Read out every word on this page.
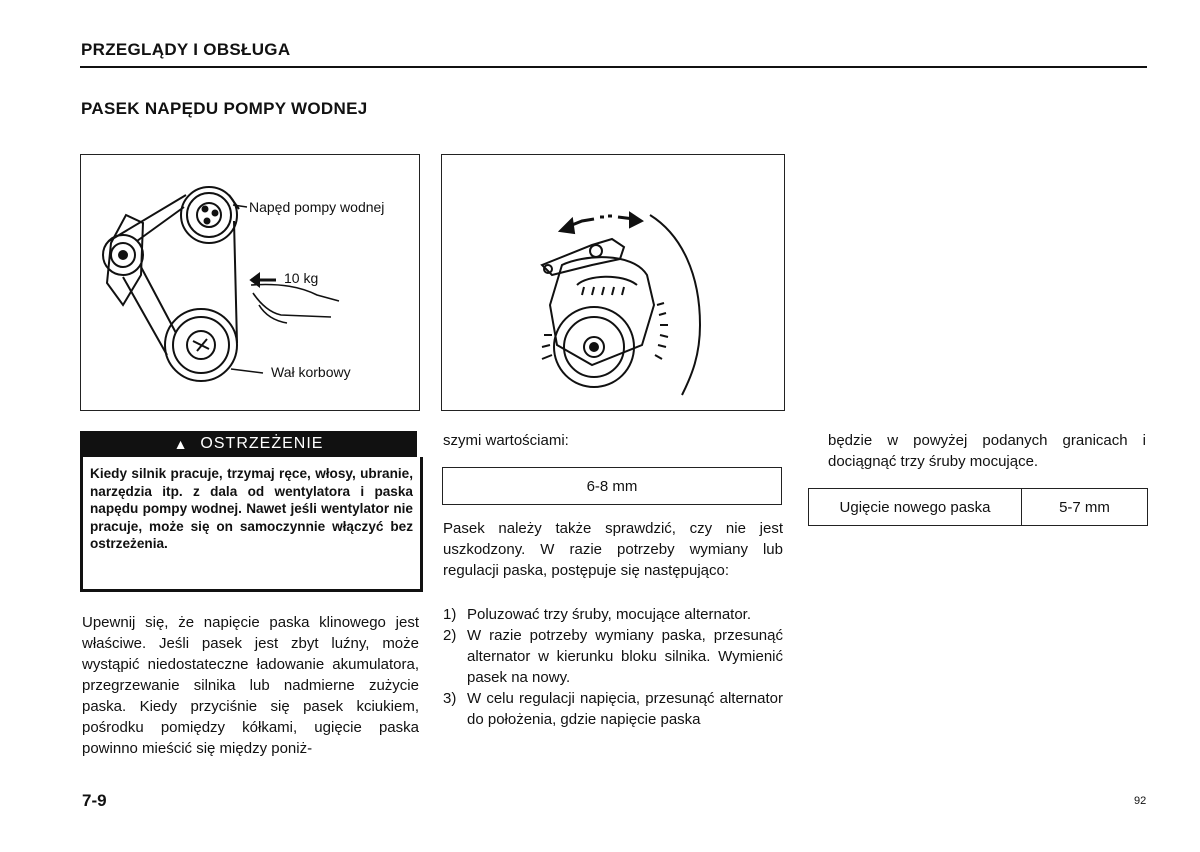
PRZEGLĄDY I OBSŁUGA
PASEK NAPĘDU POMPY WODNEJ
Napęd pompy wodnej
10 kg
Wał korbowy
▲ OSTRZEŻENIE
Kiedy silnik pracuje, trzymaj ręce, włosy, ubranie, narzędzia itp. z dala od wentylatora i paska napędu pompy wodnej. Nawet jeśli wentylator nie pracuje, może się on samoczynnie włączyć bez ostrzeżenia.
Upewnij się, że napięcie paska klinowego jest właściwe. Jeśli pasek jest zbyt luźny, może wystąpić niedostateczne ładowanie akumulatora, przegrzewanie silnika lub nadmierne zużycie paska. Kiedy przyciśnie się pasek kciukiem, pośrodku pomiędzy kółkami, ugięcie paska powinno mieścić się między poniż-
szymi wartościami:
6-8 mm
Pasek należy także sprawdzić, czy nie jest uszkodzony. W razie potrzeby wymiany lub regulacji paska, postępuje się następująco:
1) Poluzować trzy śruby, mocujące alternator.
2) W razie potrzeby wymiany paska, przesunąć alternator w kierunku bloku silnika. Wymienić pasek na nowy.
3) W celu regulacji napięcia, przesunąć alternator do położenia, gdzie napięcie paska
będzie w powyżej podanych granicach i dociągnąć trzy śruby mocujące.
Ugięcie nowego paska	5-7 mm
7-9	92
